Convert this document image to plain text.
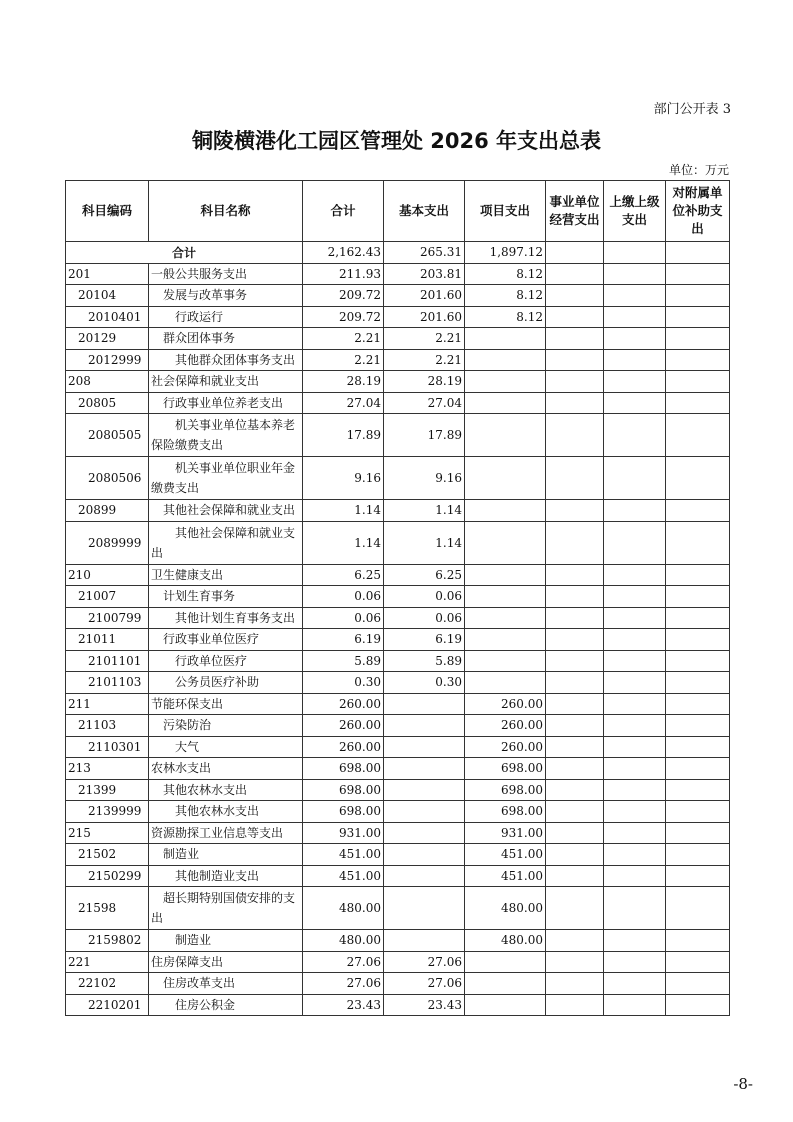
部门公开表 3
铜陵横港化工园区管理处 2026 年支出总表
单位：万元
科目编码	科目名称	合计	基本支出	项目支出	事业单位经营支出	上缴上级支出	对附属单位补助支出
合计		2,162.43	265.31	1,897.12			
201	一般公共服务支出	211.93	203.81	8.12			
20104	发展与改革事务	209.72	201.60	8.12			
2010401	行政运行	209.72	201.60	8.12			
20129	群众团体事务	2.21	2.21				
2012999	其他群众团体事务支出	2.21	2.21				
208	社会保障和就业支出	28.19	28.19				
20805	行政事业单位养老支出	27.04	27.04				
2080505	机关事业单位基本养老保险缴费支出	17.89	17.89				
2080506	机关事业单位职业年金缴费支出	9.16	9.16				
20899	其他社会保障和就业支出	1.14	1.14				
2089999	其他社会保障和就业支出	1.14	1.14				
210	卫生健康支出	6.25	6.25				
21007	计划生育事务	0.06	0.06				
2100799	其他计划生育事务支出	0.06	0.06				
21011	行政事业单位医疗	6.19	6.19				
2101101	行政单位医疗	5.89	5.89				
2101103	公务员医疗补助	0.30	0.30				
211	节能环保支出	260.00		260.00			
21103	污染防治	260.00		260.00			
2110301	大气	260.00		260.00			
213	农林水支出	698.00		698.00			
21399	其他农林水支出	698.00		698.00			
2139999	其他农林水支出	698.00		698.00			
215	资源勘探工业信息等支出	931.00		931.00			
21502	制造业	451.00		451.00			
2150299	其他制造业支出	451.00		451.00			
21598	超长期特别国债安排的支出	480.00		480.00			
2159802	制造业	480.00		480.00			
221	住房保障支出	27.06	27.06				
22102	住房改革支出	27.06	27.06				
2210201	住房公积金	23.43	23.43				
-8-
